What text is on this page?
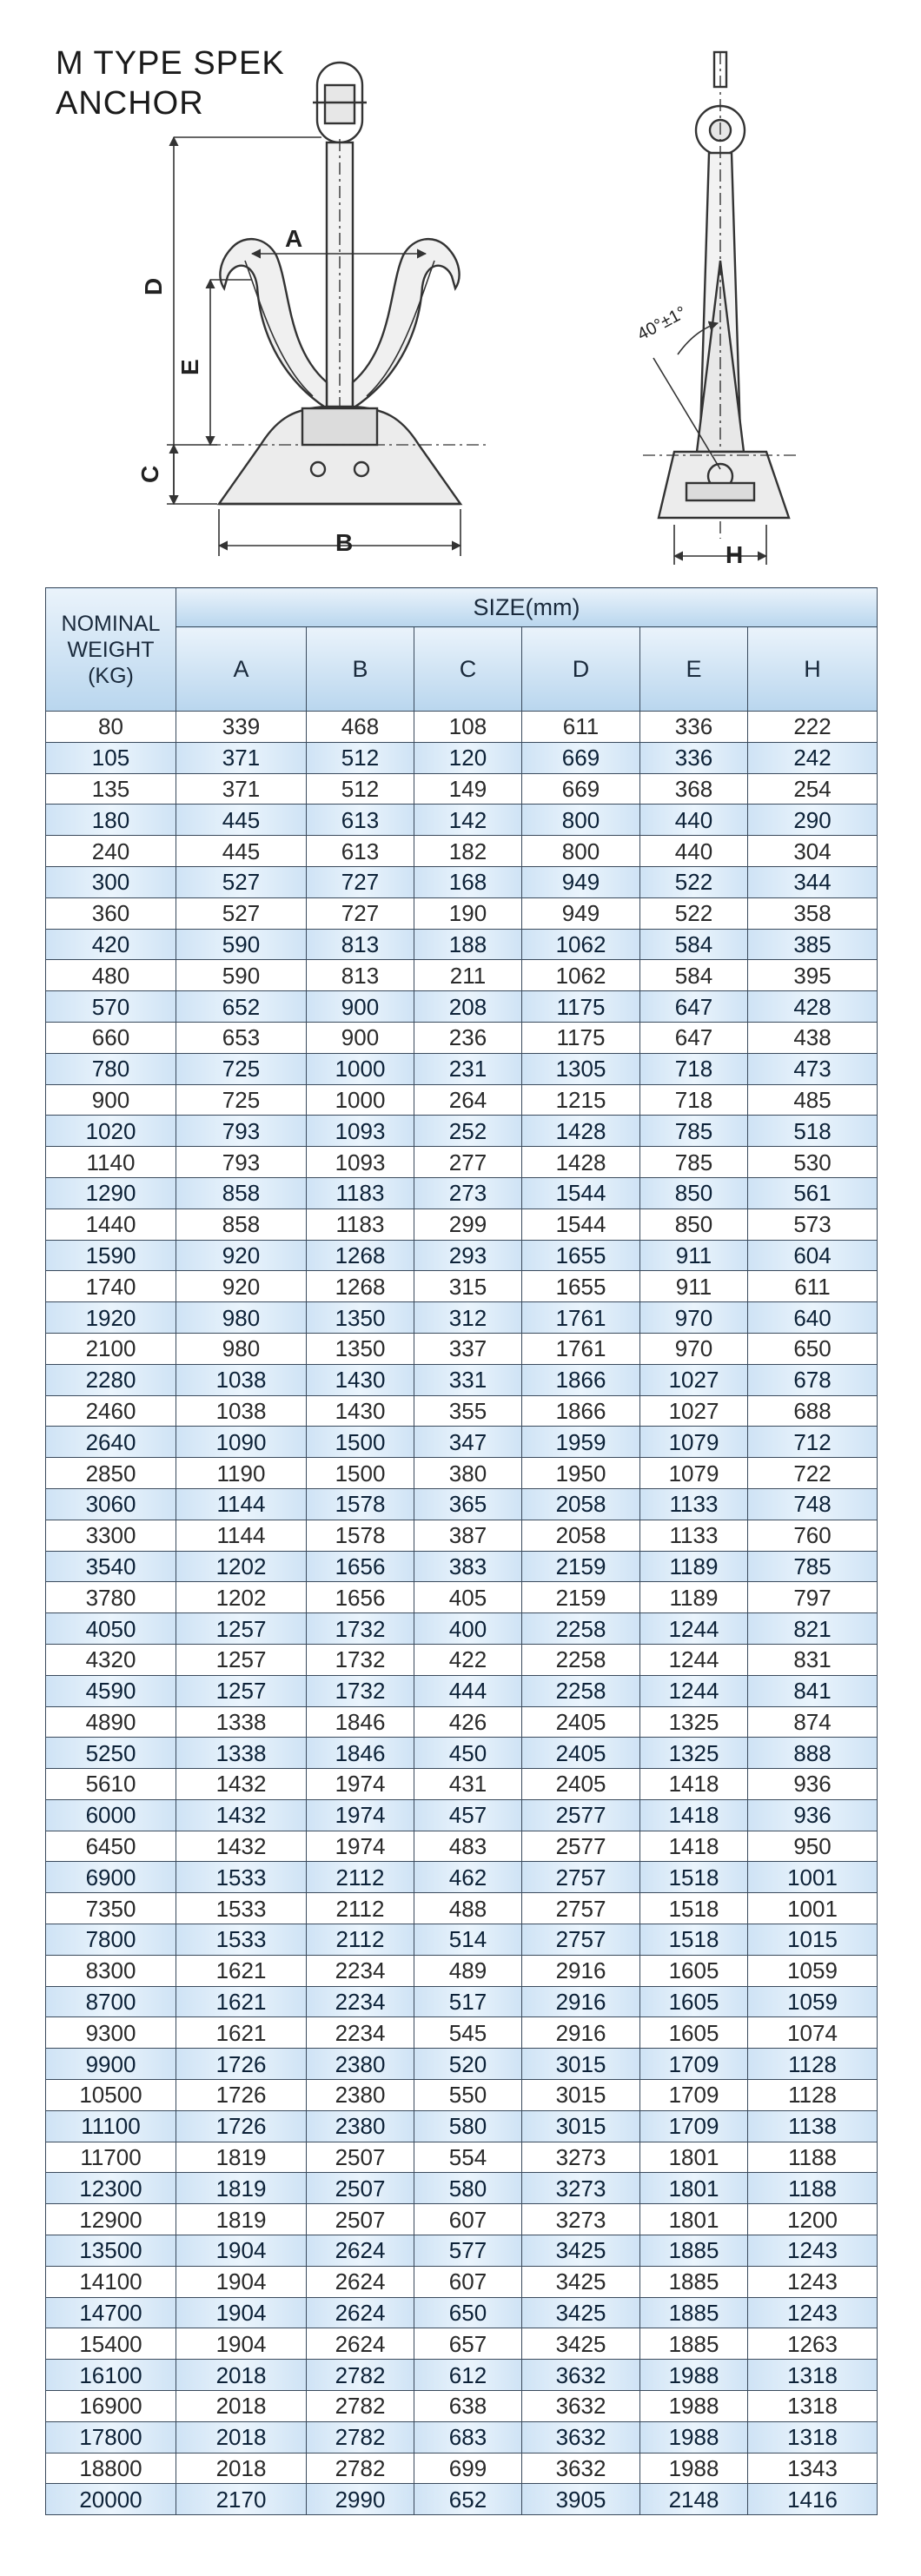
M TYPE SPEK
ANCHOR
A
B
C
D
E
H
40°±1°
NOMINAL
WEIGHT
(KG)	SIZE(mm)					
	A	B	C	D	E	H
80	339	468	108	611	336	222
105	371	512	120	669	336	242
135	371	512	149	669	368	254
180	445	613	142	800	440	290
240	445	613	182	800	440	304
300	527	727	168	949	522	344
360	527	727	190	949	522	358
420	590	813	188	1062	584	385
480	590	813	211	1062	584	395
570	652	900	208	1175	647	428
660	653	900	236	1175	647	438
780	725	1000	231	1305	718	473
900	725	1000	264	1215	718	485
1020	793	1093	252	1428	785	518
1140	793	1093	277	1428	785	530
1290	858	1183	273	1544	850	561
1440	858	1183	299	1544	850	573
1590	920	1268	293	1655	911	604
1740	920	1268	315	1655	911	611
1920	980	1350	312	1761	970	640
2100	980	1350	337	1761	970	650
2280	1038	1430	331	1866	1027	678
2460	1038	1430	355	1866	1027	688
2640	1090	1500	347	1959	1079	712
2850	1190	1500	380	1950	1079	722
3060	1144	1578	365	2058	1133	748
3300	1144	1578	387	2058	1133	760
3540	1202	1656	383	2159	1189	785
3780	1202	1656	405	2159	1189	797
4050	1257	1732	400	2258	1244	821
4320	1257	1732	422	2258	1244	831
4590	1257	1732	444	2258	1244	841
4890	1338	1846	426	2405	1325	874
5250	1338	1846	450	2405	1325	888
5610	1432	1974	431	2405	1418	936
6000	1432	1974	457	2577	1418	936
6450	1432	1974	483	2577	1418	950
6900	1533	2112	462	2757	1518	1001
7350	1533	2112	488	2757	1518	1001
7800	1533	2112	514	2757	1518	1015
8300	1621	2234	489	2916	1605	1059
8700	1621	2234	517	2916	1605	1059
9300	1621	2234	545	2916	1605	1074
9900	1726	2380	520	3015	1709	1128
10500	1726	2380	550	3015	1709	1128
11100	1726	2380	580	3015	1709	1138
11700	1819	2507	554	3273	1801	1188
12300	1819	2507	580	3273	1801	1188
12900	1819	2507	607	3273	1801	1200
13500	1904	2624	577	3425	1885	1243
14100	1904	2624	607	3425	1885	1243
14700	1904	2624	650	3425	1885	1243
15400	1904	2624	657	3425	1885	1263
16100	2018	2782	612	3632	1988	1318
16900	2018	2782	638	3632	1988	1318
17800	2018	2782	683	3632	1988	1318
18800	2018	2782	699	3632	1988	1343
20000	2170	2990	652	3905	2148	1416
